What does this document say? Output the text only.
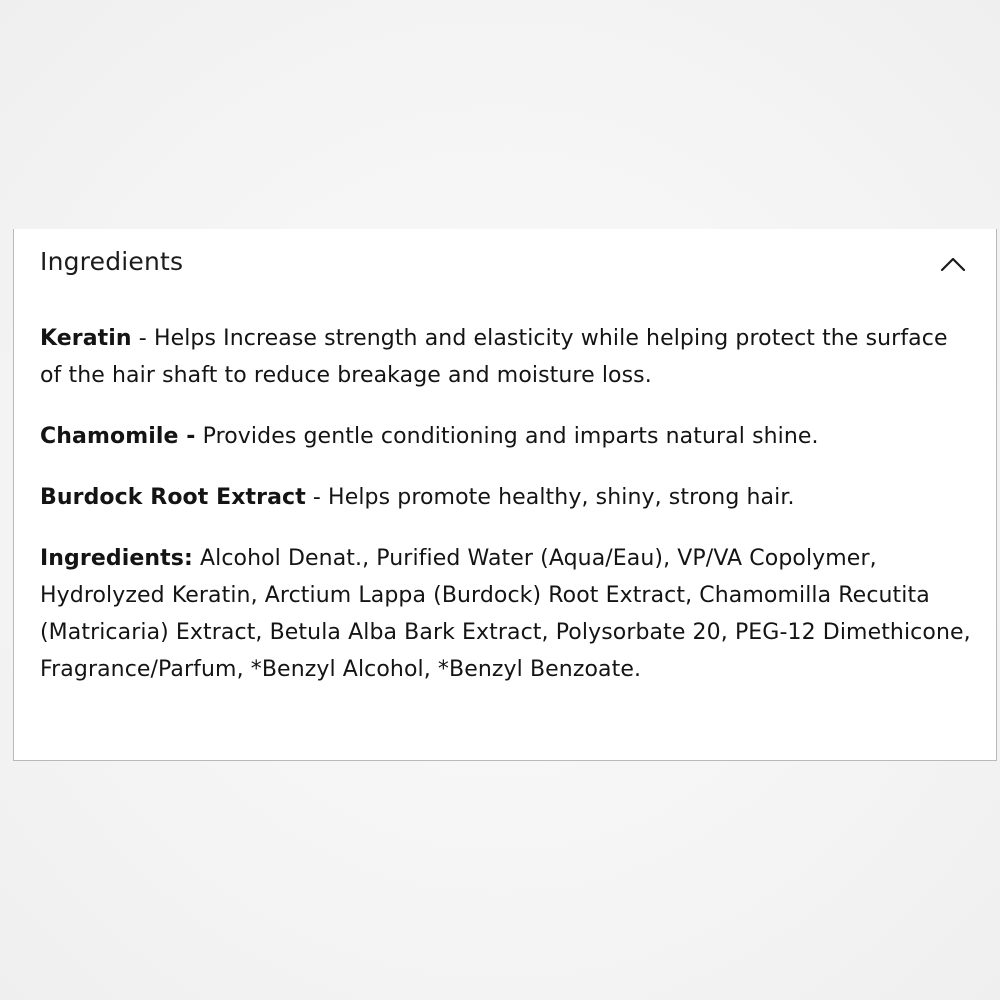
Ingredients

Keratin - Helps Increase strength and elasticity while helping protect the surface of the hair shaft to reduce breakage and moisture loss.

Chamomile - Provides gentle conditioning and imparts natural shine.

Burdock Root Extract - Helps promote healthy, shiny, strong hair.

Ingredients: Alcohol Denat., Purified Water (Aqua/Eau), VP/VA Copolymer, Hydrolyzed Keratin, Arctium Lappa (Burdock) Root Extract, Chamomilla Recutita (Matricaria) Extract, Betula Alba Bark Extract, Polysorbate 20, PEG-12 Dimethicone, Fragrance/Parfum, *Benzyl Alcohol, *Benzyl Benzoate.
